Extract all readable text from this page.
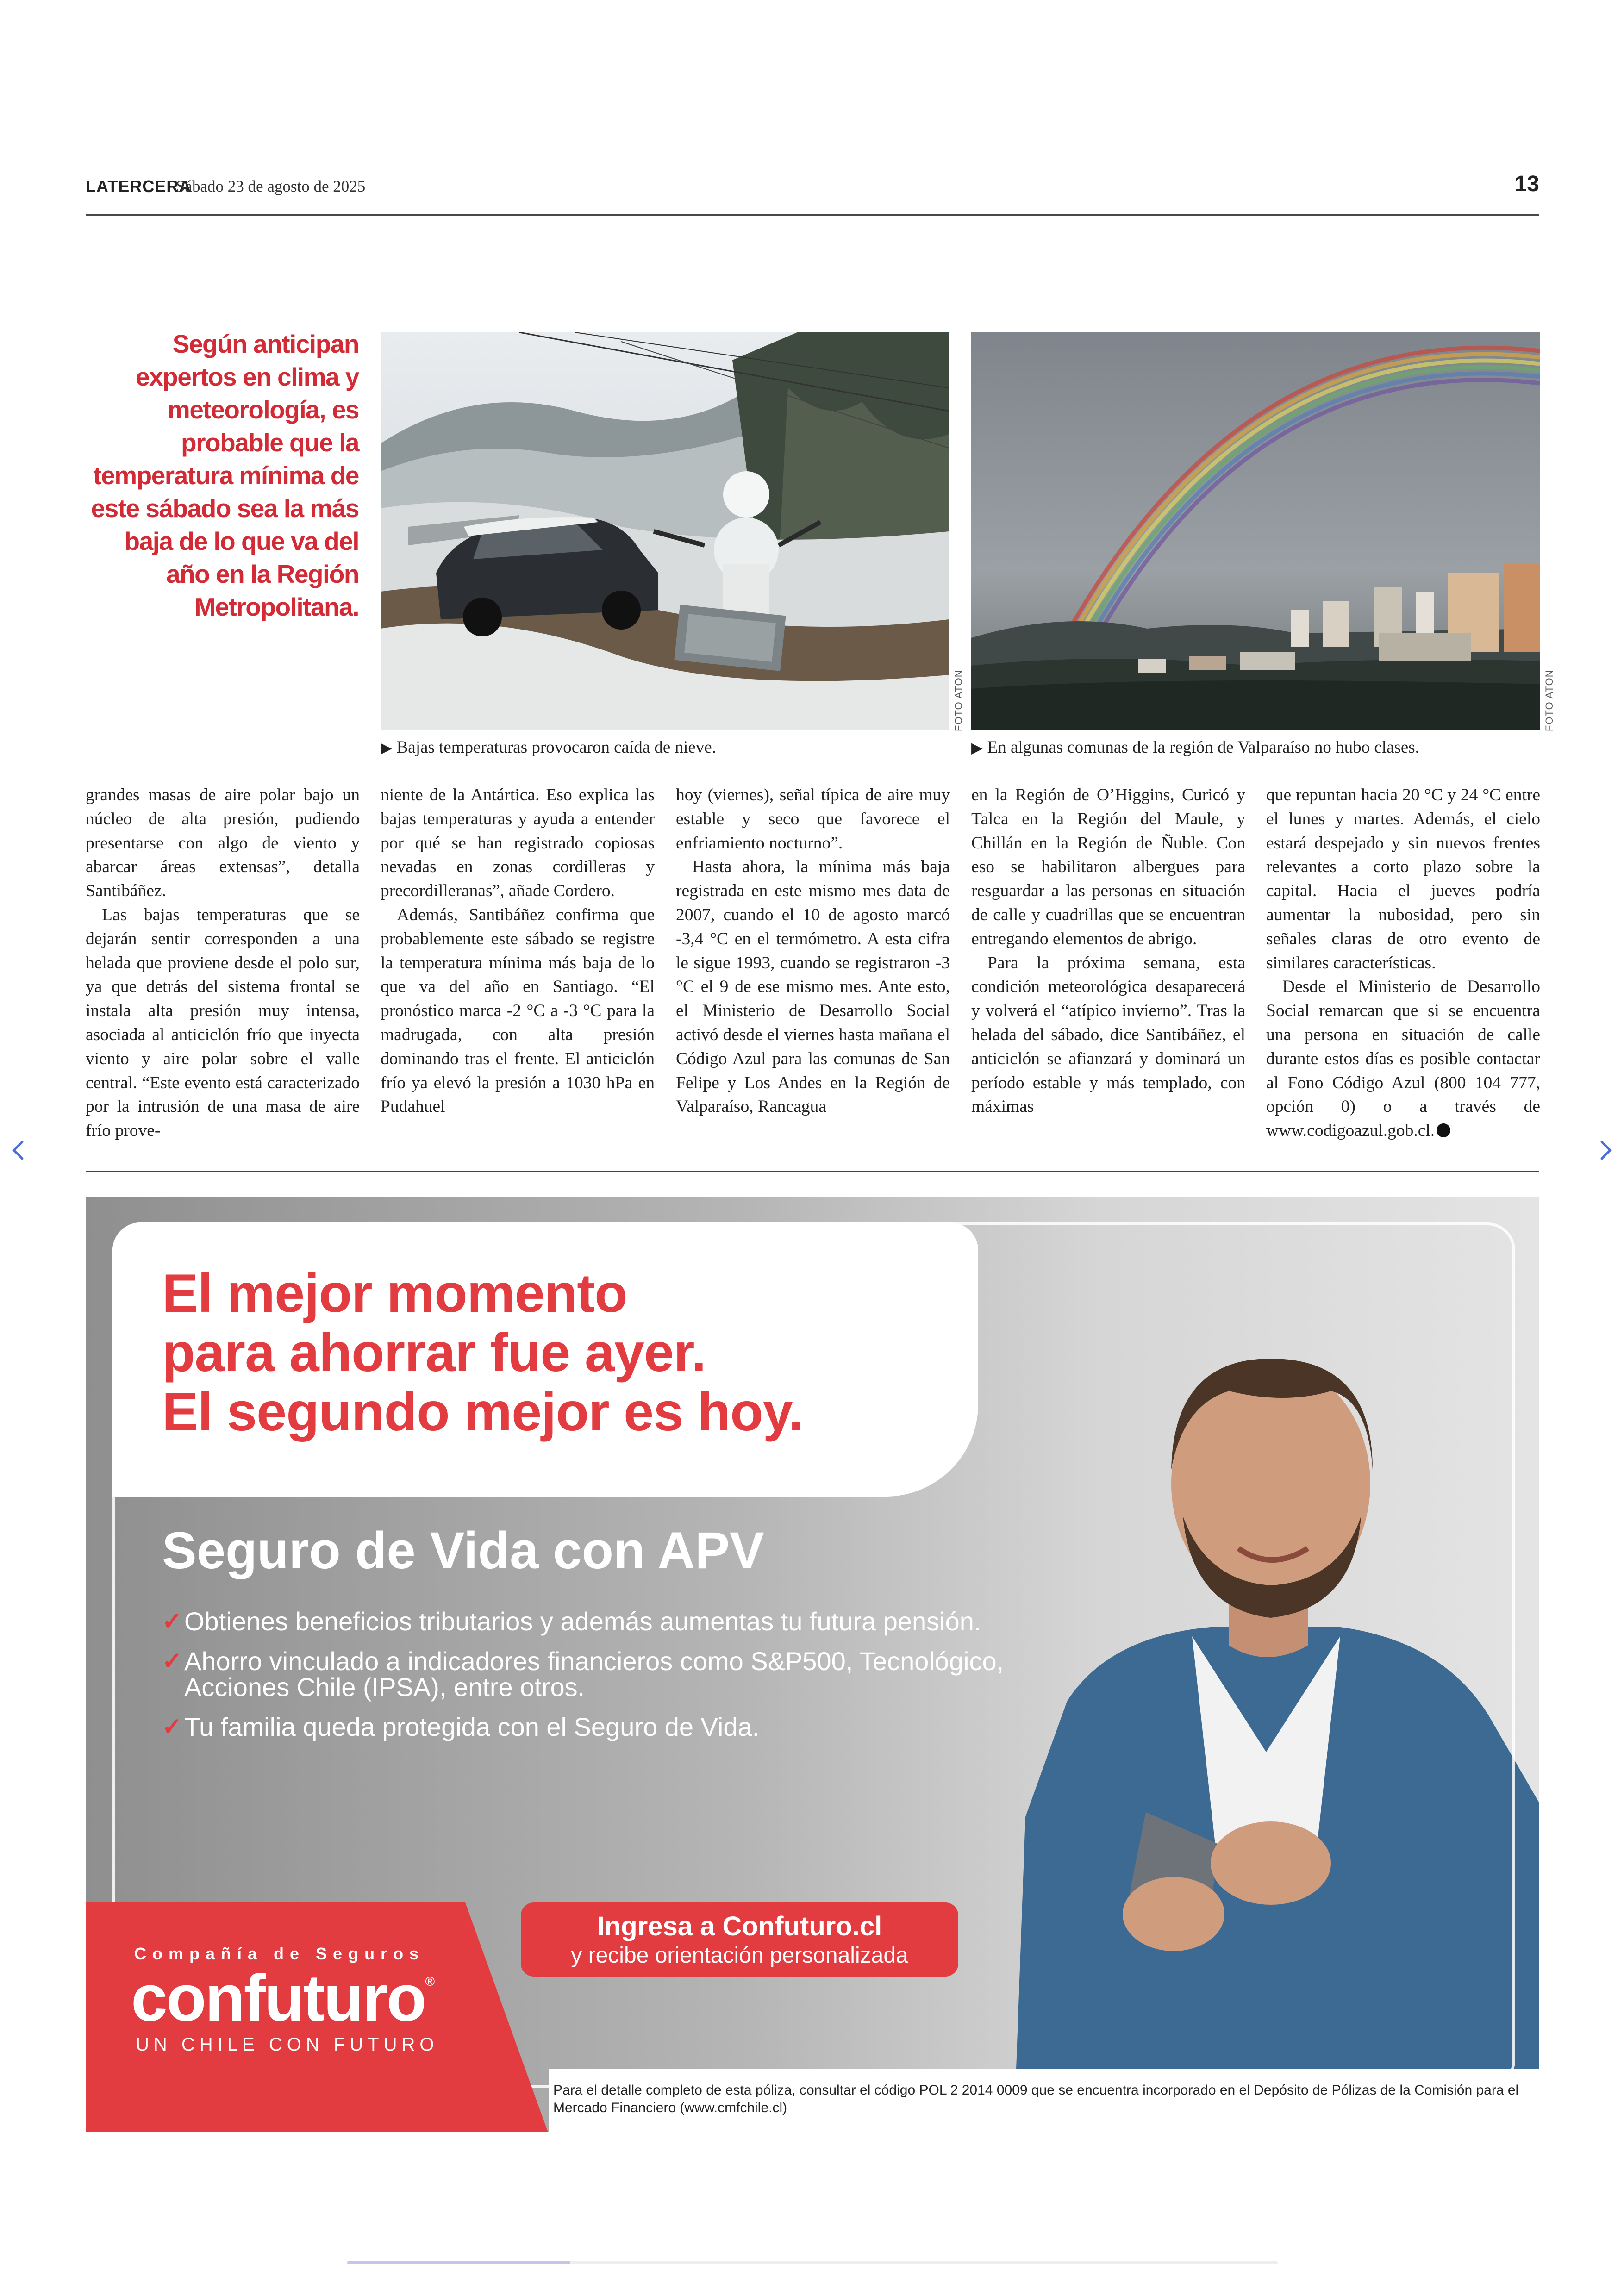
LATERCERA
Sábado 23 de agosto de 2025	13
Según anticipan expertos en clima y meteorología, es probable que la temperatura mínima de este sábado sea la más baja de lo que va del año en la Región Metropolitana.
FOTO ATON
▶ Bajas temperaturas provocaron caída de nieve.
FOTO ATON
▶ En algunas comunas de la región de Valparaíso no hubo clases.

grandes masas de aire polar bajo un núcleo de alta presión, pudiendo presentarse con algo de viento y abarcar áreas extensas”, detalla Santibáñez.

Las bajas temperaturas que se dejarán sentir corresponden a una helada que proviene desde el polo sur, ya que detrás del sistema frontal se instala alta presión muy intensa, asociada al anticiclón frío que inyecta viento y aire polar sobre el valle central. “Este evento está caracterizado por la intrusión de una masa de aire frío prove-

niente de la Antártica. Eso explica las bajas temperaturas y ayuda a entender por qué se han registrado copiosas nevadas en zonas cordilleras y precordilleranas”, añade Cordero.

Además, Santibáñez confirma que probablemente este sábado se registre la temperatura mínima más baja de lo que va del año en Santiago. “El pronóstico marca -2 °C a -3 °C para la madrugada, con alta presión dominando tras el frente. El anticiclón frío ya elevó la presión a 1030 hPa en Pudahuel

hoy (viernes), señal típica de aire muy estable y seco que favorece el enfriamiento nocturno”.

Hasta ahora, la mínima más baja registrada en este mismo mes data de 2007, cuando el 10 de agosto marcó -3,4 °C en el termómetro. A esta cifra le sigue 1993, cuando se registraron -3 °C el 9 de ese mismo mes. Ante esto, el Ministerio de Desarrollo Social activó desde el viernes hasta mañana el Código Azul para las comunas de San Felipe y Los Andes en la Región de Valparaíso, Rancagua

en la Región de O’Higgins, Curicó y Talca en la Región del Maule, y Chillán en la Región de Ñuble. Con eso se habilitaron albergues para resguardar a las personas en situación de calle y cuadrillas que se encuentran entregando elementos de abrigo.

Para la próxima semana, esta condición meteorológica desaparecerá y volverá el “atípico invierno”. Tras la helada del sábado, dice Santibáñez, el anticiclón se afianzará y dominará un período estable y más templado, con máximas

que repuntan hacia 20 °C y 24 °C entre el lunes y martes. Además, el cielo estará despejado y sin nuevos frentes relevantes a corto plazo sobre la capital. Hacia el jueves podría aumentar la nubosidad, pero sin señales claras de otro evento de similares características.

Desde el Ministerio de Desarrollo Social remarcan que si se encuentra una persona en situación de calle durante estos días es posible contactar al Fono Código Azul (800 104 777, opción 0) o a través de www.codigoazul.gob.cl.

El mejor momento
para ahorrar fue ayer.
El segundo mejor es hoy.
Seguro de Vida con APV
✓ Obtienes beneficios tributarios y además aumentas tu futura pensión.
✓ Ahorro vinculado a indicadores financieros como S&P500, Tecnológico, Acciones Chile (IPSA), entre otros.
✓ Tu familia queda protegida con el Seguro de Vida.
Ingresa a Confuturo.cl
y recibe orientación personalizada
Compañía de Seguros
confuturo®
UN CHILE CON FUTURO
Para el detalle completo de esta póliza, consultar el código POL 2 2014 0009 que se encuentra incorporado en el Depósito de Pólizas de la Comisión para el Mercado Financiero (www.cmfchile.cl)
